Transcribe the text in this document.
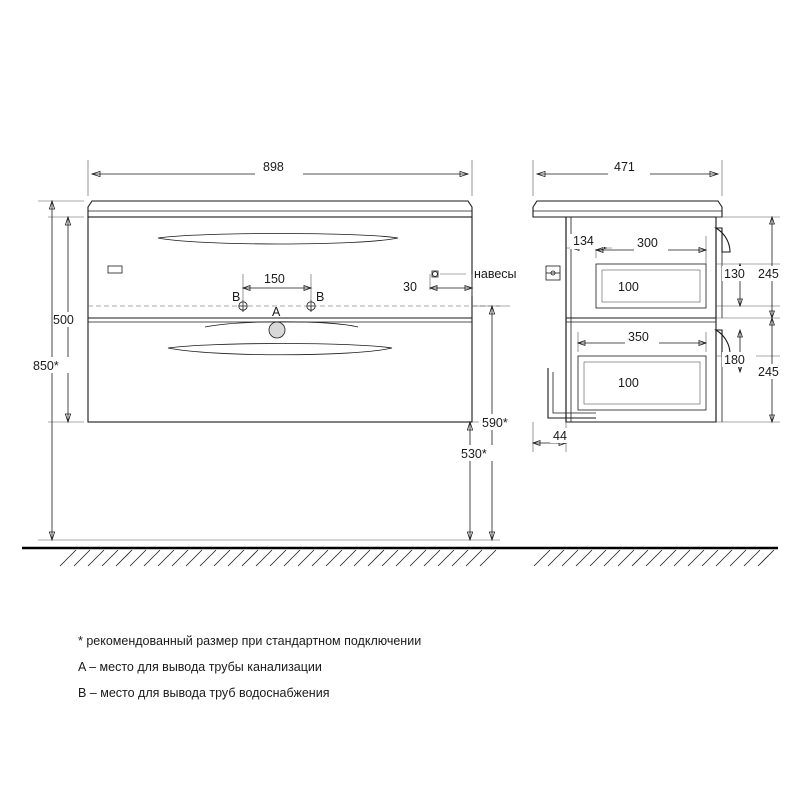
898
500
850*
150
30
590*
530*
B	B
A
навесы
471
134	300
100
350
100
130 245
180
245
44
* рекомендованный размер при стандартном подключении
A – место для вывода трубы канализации
B – место для вывода труб водоснабжения
